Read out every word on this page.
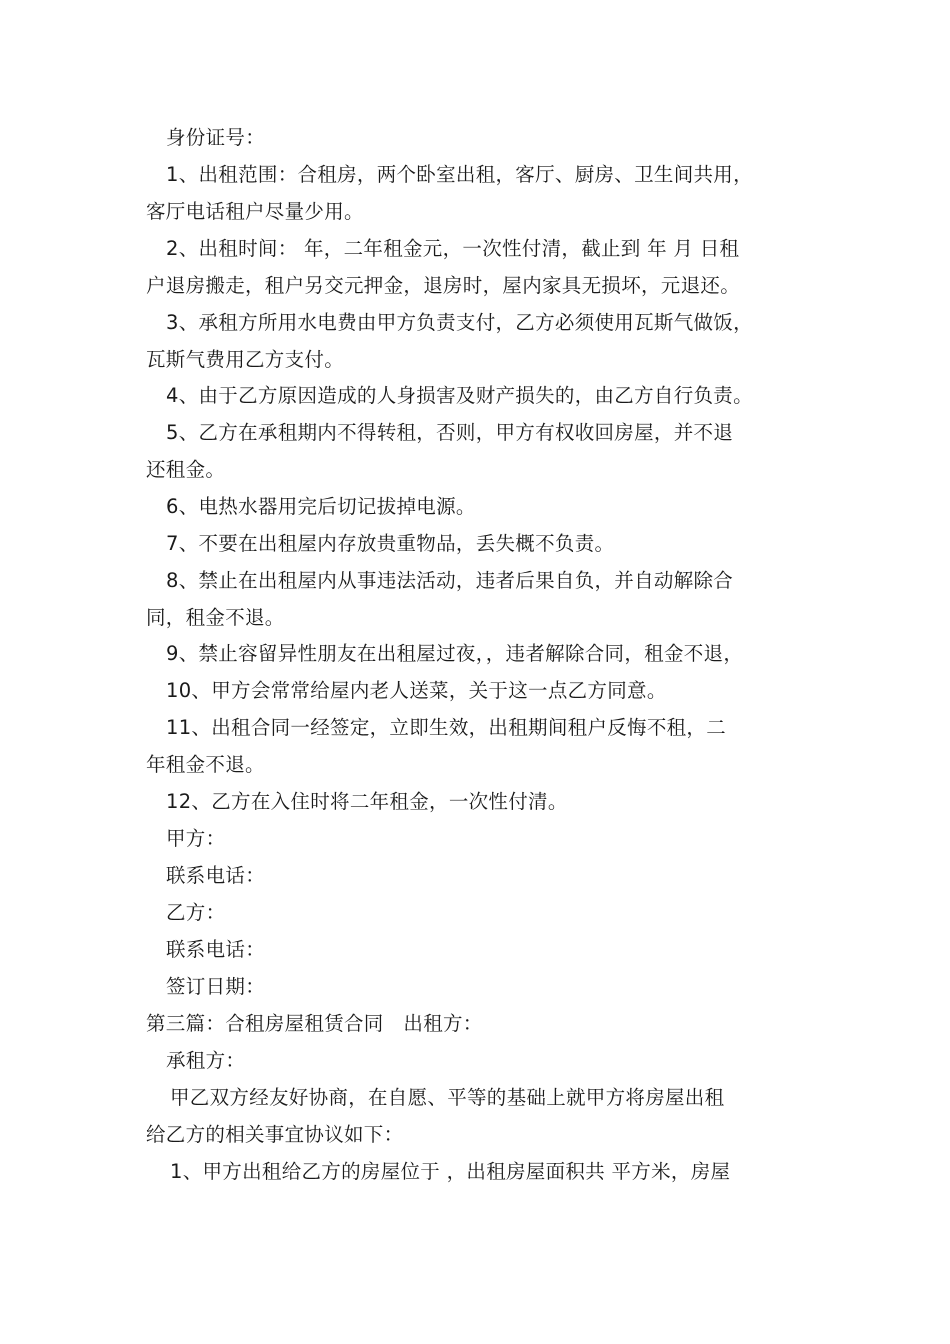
身份证号：
1、出租范围：合租房，两个卧室出租，客厅、厨房、卫生间共用，
客厅电话租户尽量少用。
2、出租时间： 年，二年租金元，一次性付清，截止到 年 月 日租
户退房搬走，租户另交元押金，退房时，屋内家具无损坏，元退还。
3、承租方所用水电费由甲方负责支付，乙方必须使用瓦斯气做饭，
瓦斯气费用乙方支付。
4、由于乙方原因造成的人身损害及财产损失的，由乙方自行负责。
5、乙方在承租期内不得转租，否则，甲方有权收回房屋，并不退
还租金。
6、电热水器用完后切记拔掉电源。
7、不要在出租屋内存放贵重物品，丢失概不负责。
8、禁止在出租屋内从事违法活动，违者后果自负，并自动解除合
同，租金不退。
9、禁止容留异性朋友在出租屋过夜，，违者解除合同，租金不退，
10、甲方会常常给屋内老人送菜，关于这一点乙方同意。
11、出租合同一经签定，立即生效，出租期间租户反悔不租，二
年租金不退。
12、乙方在入住时将二年租金，一次性付清。
甲方：
联系电话：
乙方：
联系电话：
签订日期：
第三篇：合租房屋租赁合同　出租方：
承租方：
甲乙双方经友好协商，在自愿、平等的基础上就甲方将房屋出租
给乙方的相关事宜协议如下：
1、甲方出租给乙方的房屋位于 ，出租房屋面积共 平方米，房屋
